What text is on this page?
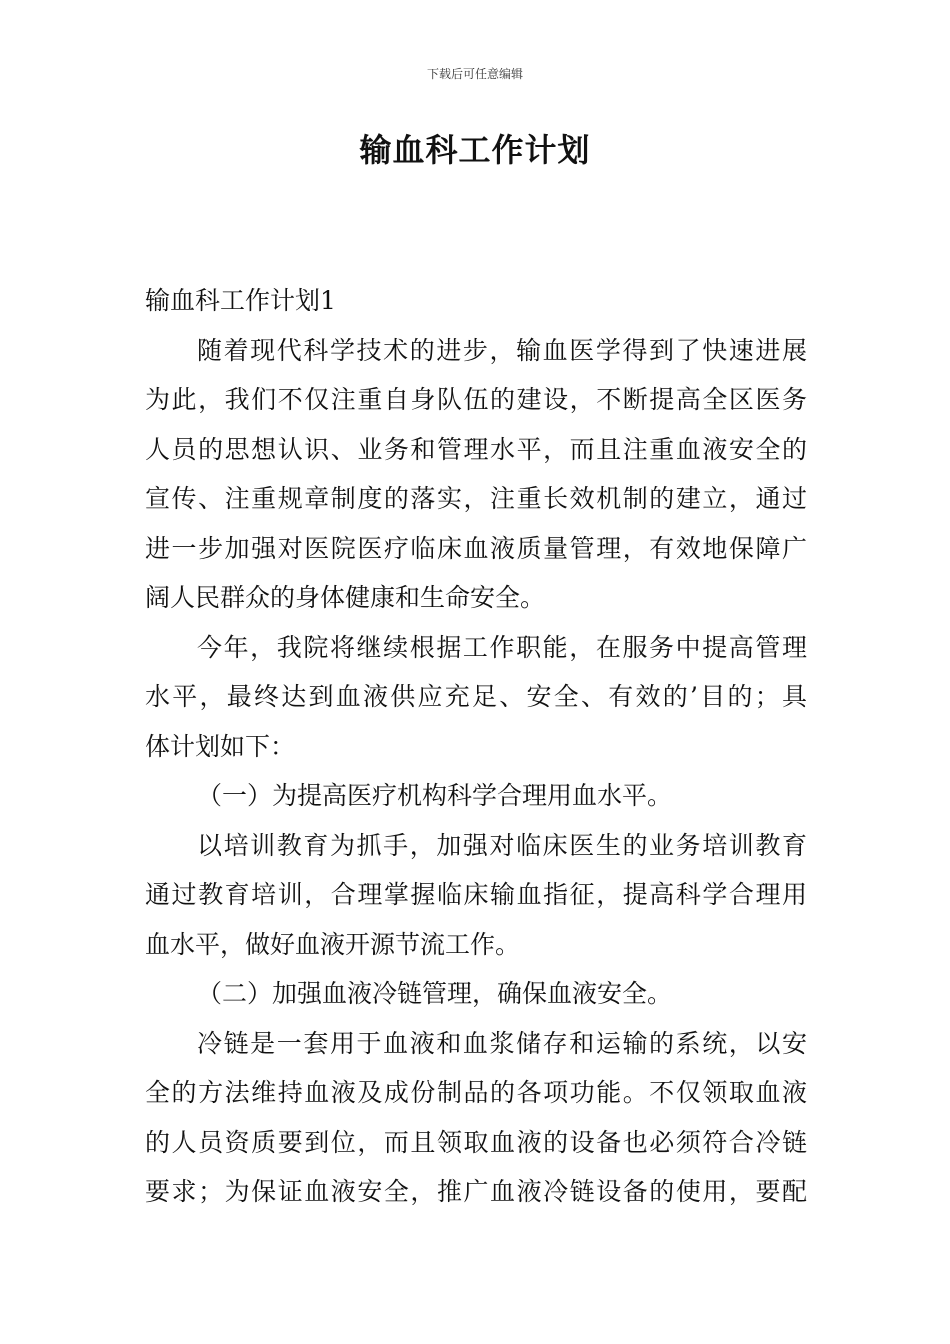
下载后可任意编辑
输血科工作计划
输血科工作计划1
随着现代科学技术的进步，输血医学得到了快速进展
为此，我们不仅注重自身队伍的建设，不断提高全区医务
人员的思想认识、业务和管理水平，而且注重血液安全的
宣传、注重规章制度的落实，注重长效机制的建立，通过
进一步加强对医院医疗临床血液质量管理，有效地保障广
阔人民群众的身体健康和生命安全。
今年，我院将继续根据工作职能，在服务中提高管理
水平，最终达到血液供应充足、安全、有效的’目的；具
体计划如下：
（一）为提高医疗机构科学合理用血水平。
以培训教育为抓手，加强对临床医生的业务培训教育
通过教育培训，合理掌握临床输血指征，提高科学合理用
血水平，做好血液开源节流工作。
（二）加强血液冷链管理，确保血液安全。
冷链是一套用于血液和血浆储存和运输的系统，以安
全的方法维持血液及成份制品的各项功能。不仅领取血液
的人员资质要到位，而且领取血液的设备也必须符合冷链
要求；为保证血液安全，推广血液冷链设备的使用，要配
